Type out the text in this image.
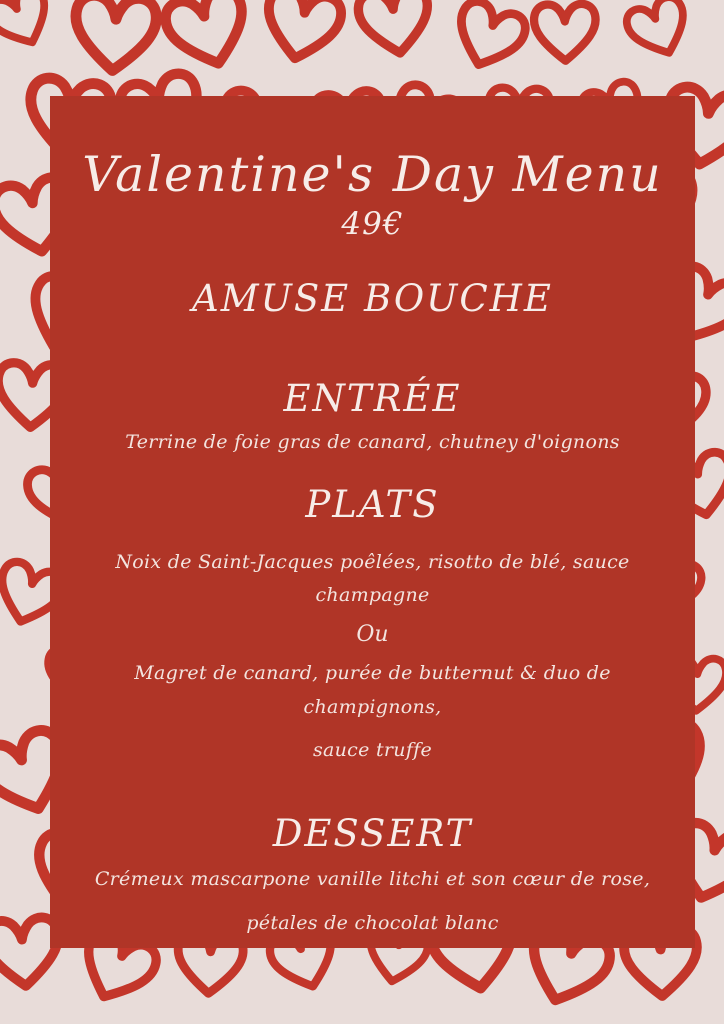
Valentine's Day Menu
49€
AMUSE BOUCHE
ENTRÉE

Terrine de foie gras de canard, chutney d'oignons

PLATS

Noix de Saint-Jacques poêlées, risotto de blé, sauce champagne

Ou

Magret de canard, purée de butternut & duo de champignons,

sauce truffe

DESSERT

Crémeux mascarpone vanille litchi et son cœur de rose,

pétales de chocolat blanc
